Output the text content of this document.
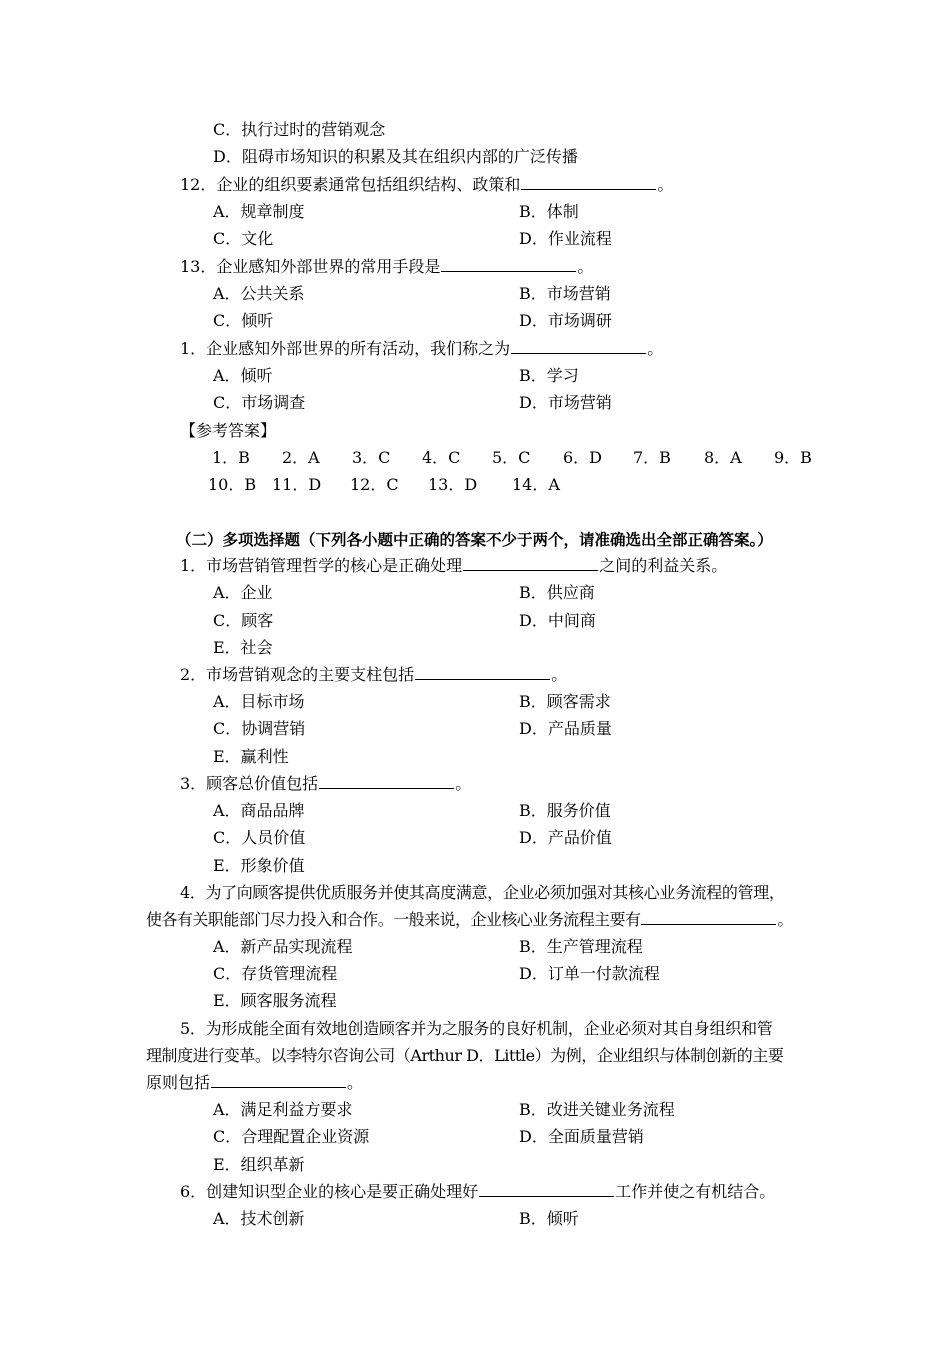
C．执行过时的营销观念
D．阻碍市场知识的积累及其在组织内部的广泛传播
12．企业的组织要素通常包括组织结构、政策和	。
A．规章制度	B．体制
C．文化	D．作业流程
13．企业感知外部世界的常用手段是	。
A．公共关系	B．市场营销
C．倾听	D．市场调研
1．企业感知外部世界的所有活动，我们称之为	。
A．倾听	B．学习
C．市场调查	D．市场营销
【参考答案】
1．B 2．A 3．C 4．C 5．C 6．D 7．B 8．A 9．B
10．B 11．D 12．C 13．D 14．A
（二）多项选择题（下列各小题中正确的答案不少于两个，请准确选出全部正确答案。）
1．市场营销管理哲学的核心是正确处理	之间的利益关系。
A．企业	B．供应商
C．顾客	D．中间商
E．社会
2．市场营销观念的主要支柱包括	。
A．目标市场	B．顾客需求
C．协调营销	D．产品质量
E．赢利性
3．顾客总价值包括	。
A．商品品牌	B．服务价值
C．人员价值	D．产品价值
E．形象价值
4．为了向顾客提供优质服务并使其高度满意，企业必须加强对其核心业务流程的管理，
使各有关职能部门尽力投入和合作。一般来说，企业核心业务流程主要有	。
A．新产品实现流程	B．生产管理流程
C．存货管理流程	D．订单一付款流程
E．顾客服务流程
5．为形成能全面有效地创造顾客并为之服务的良好机制，企业必须对其自身组织和管
理制度进行变革。以李特尔咨询公司（Arthur D．Little）为例，企业组织与体制创新的主要
原则包括	。
A．满足利益方要求	B．改进关键业务流程
C．合理配置企业资源	D．全面质量营销
E．组织革新
6．创建知识型企业的核心是要正确处理好	工作并使之有机结合。
A．技术创新	B．倾听
